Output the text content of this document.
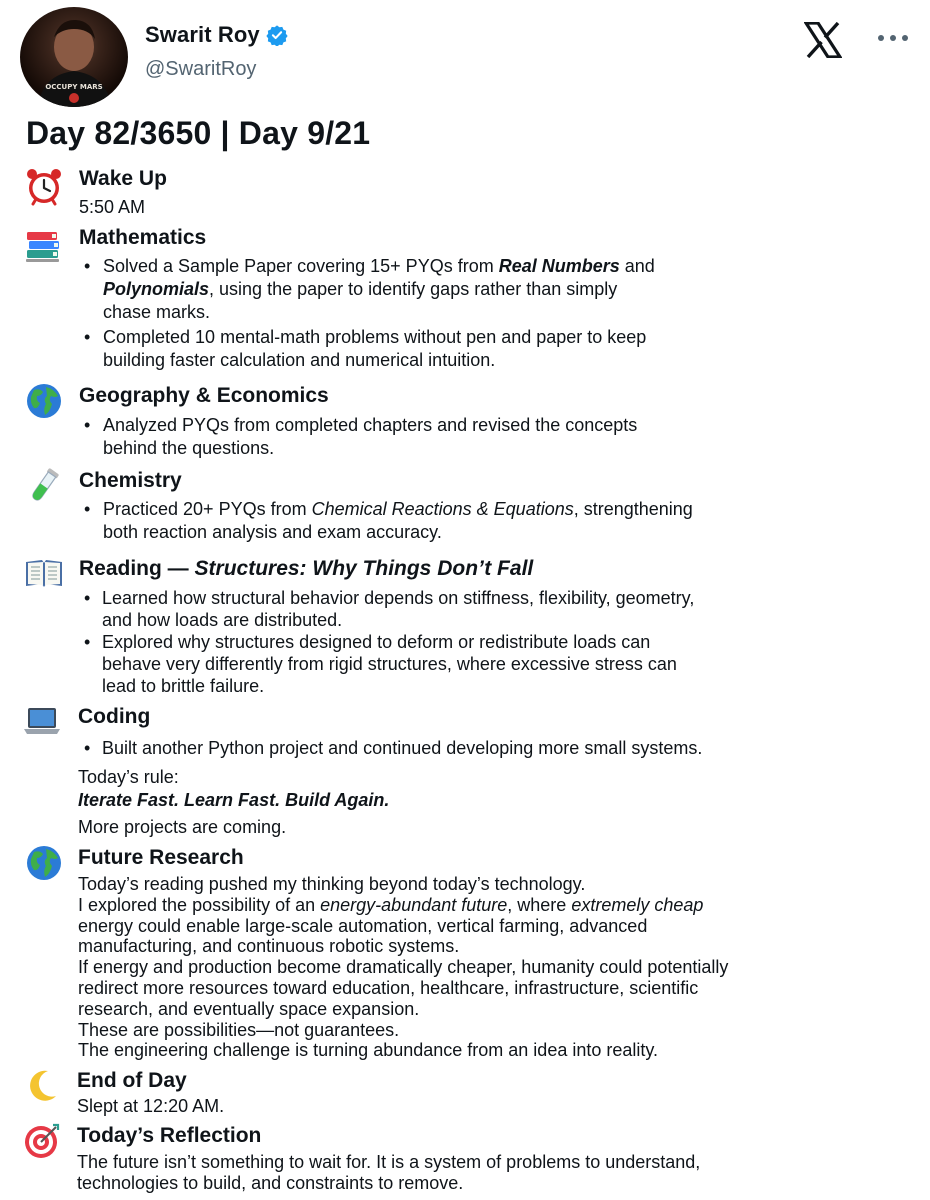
OCCUPY MARS
Swarit Roy
@SwaritRoy
Day 82/3650 | Day 9/21
Wake Up
5:50 AM
Mathematics
• Solved a Sample Paper covering 15+ PYQs from Real Numbers and
Polynomials, using the paper to identify gaps rather than simply
chase marks.
• Completed 10 mental-math problems without pen and paper to keep
building faster calculation and numerical intuition.
Geography & Economics
• Analyzed PYQs from completed chapters and revised the concepts
behind the questions.
Chemistry
• Practiced 20+ PYQs from Chemical Reactions & Equations, strengthening
both reaction analysis and exam accuracy.
Reading — Structures: Why Things Don’t Fall
• Learned how structural behavior depends on stiffness, flexibility, geometry,
and how loads are distributed.
• Explored why structures designed to deform or redistribute loads can
behave very differently from rigid structures, where excessive stress can
lead to brittle failure.
Coding
• Built another Python project and continued developing more small systems.
Today’s rule:
Iterate Fast. Learn Fast. Build Again.
More projects are coming.
Future Research
Today’s reading pushed my thinking beyond today’s technology.
I explored the possibility of an energy-abundant future, where extremely cheap
energy could enable large-scale automation, vertical farming, advanced
manufacturing, and continuous robotic systems.
If energy and production become dramatically cheaper, humanity could potentially
redirect more resources toward education, healthcare, infrastructure, scientific
research, and eventually space expansion.
These are possibilities—not guarantees.
The engineering challenge is turning abundance from an idea into reality.
End of Day
Slept at 12:20 AM.
Today’s Reflection
The future isn’t something to wait for. It is a system of problems to understand,
technologies to build, and constraints to remove.
